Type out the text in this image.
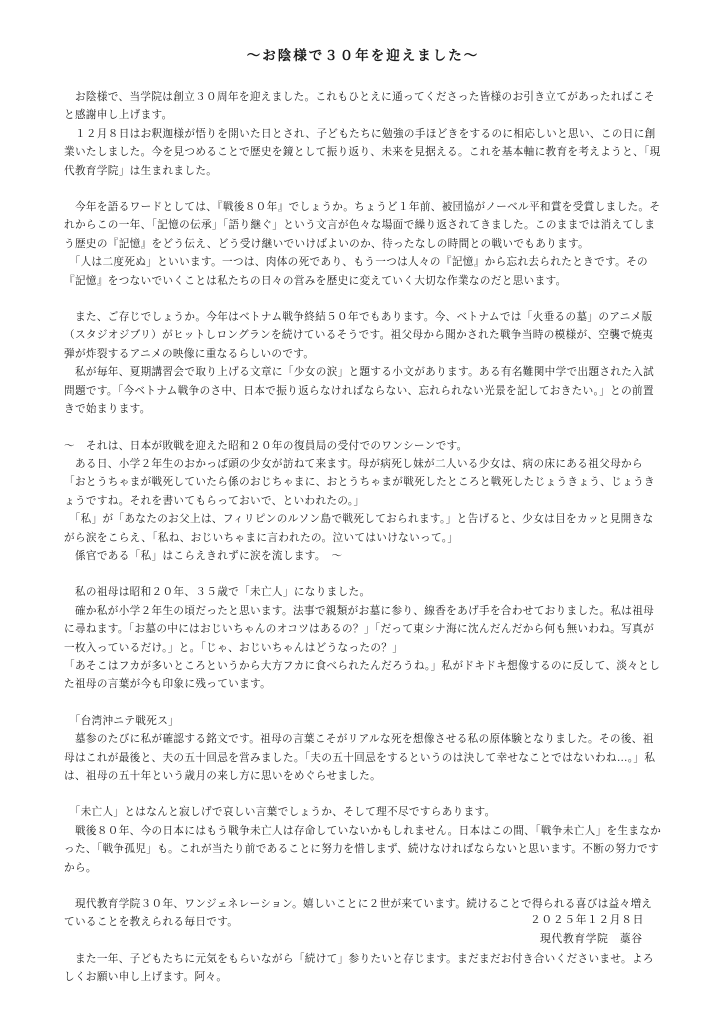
～お陰様で３０年を迎えました～

　お陰様で、当学院は創立３０周年を迎えました。これもひとえに通ってくださった皆様のお引き立てがあったればこそと感謝申し上げます。

　１２月８日はお釈迦様が悟りを開いた日とされ、子どもたちに勉強の手ほどきをするのに相応しいと思い、この日に創業いたしました。今を見つめることで歴史を鏡として振り返り、未来を見据える。これを基本軸に教育を考えようと、「現代教育学院」は生まれました。

　今年を語るワードとしては、『戦後８０年』でしょうか。ちょうど１年前、被団協がノーベル平和賞を受賞しました。それからこの一年、「記憶の伝承」「語り継ぐ」という文言が色々な場面で繰り返されてきました。このままでは消えてしまう歴史の『記憶』をどう伝え、どう受け継いでいけばよいのか、待ったなしの時間との戦いでもあります。

　「人は二度死ぬ」といいます。一つは、肉体の死であり、もう一つは人々の『記憶』から忘れ去られたときです。その『記憶』をつないでいくことは私たちの日々の営みを歴史に変えていく大切な作業なのだと思います。

　また、ご存じでしょうか。今年はベトナム戦争終結５０年でもあります。今、ベトナムでは「火垂るの墓」のアニメ版（スタジオジブリ）がヒットしロングランを続けているそうです。祖父母から聞かされた戦争当時の模様が、空襲で焼夷弾が炸裂するアニメの映像に重なるらしいのです。

　私が毎年、夏期講習会で取り上げる文章に「少女の涙」と題する小文があります。ある有名難関中学で出題された入試問題です。「今ベトナム戦争のさ中、日本で振り返らなければならない、忘れられない光景を記しておきたい。」との前置きで始まります。

～　それは、日本が敗戦を迎えた昭和２０年の復員局の受付でのワンシーンです。

　ある日、小学２年生のおかっぱ頭の少女が訪ねて来ます。母が病死し妹が二人いる少女は、病の床にある祖父母から「おとうちゃまが戦死していたら係のおじちゃまに、おとうちゃまが戦死したところと戦死したじょうきょう、じょうきょうですね。それを書いてもらっておいで、といわれたの。」

　「私」が「あなたのお父上は、フィリピンのルソン島で戦死しておられます。」と告げると、少女は目をカッと見開きながら涙をこらえ、「私ね、おじいちゃまに言われたの。泣いてはいけないって。」

　係官である「私」はこらえきれずに涙を流します。　～

　私の祖母は昭和２０年、３５歳で「未亡人」になりました。

　確か私が小学２年生の頃だったと思います。法事で親類がお墓に参り、線香をあげ手を合わせておりました。私は祖母に尋ねます。「お墓の中にはおじいちゃんのオコツはあるの？」「だって東シナ海に沈んだんだから何も無いわね。写真が一枚入っているだけ。」と。「じゃ、おじいちゃんはどうなったの？」

「あそこはフカが多いところというから大方フカに食べられたんだろうね。」私がドキドキ想像するのに反して、淡々とした祖母の言葉が今も印象に残っています。

　「台湾沖ニテ戦死ス」

　墓参のたびに私が確認する銘文です。祖母の言葉こそがリアルな死を想像させる私の原体験となりました。その後、祖母はこれが最後と、夫の五十回忌を営みました。「夫の五十回忌をするというのは決して幸せなことではないわね…。」私は、祖母の五十年という歳月の来し方に思いをめぐらせました。

　「未亡人」とはなんと寂しげで哀しい言葉でしょうか、そして理不尽ですらあります。

　戦後８０年、今の日本にはもう戦争未亡人は存命していないかもしれません。日本はこの間、「戦争未亡人」を生まなかった、「戦争孤児」も。これが当たり前であることに努力を惜しまず、続けなければならないと思います。不断の努力ですから。

　現代教育学院３０年、ワンジェネレーション。嬉しいことに２世が来ています。続けることで得られる喜びは益々増えていることを教えられる毎日です。

　また一年、子どもたちに元気をもらいながら「続けて」参りたいと存じます。まだまだお付き合いくださいませ。よろしくお願い申し上げます。阿々。

２０２５年１２月８日
現代教育学院　藁谷
